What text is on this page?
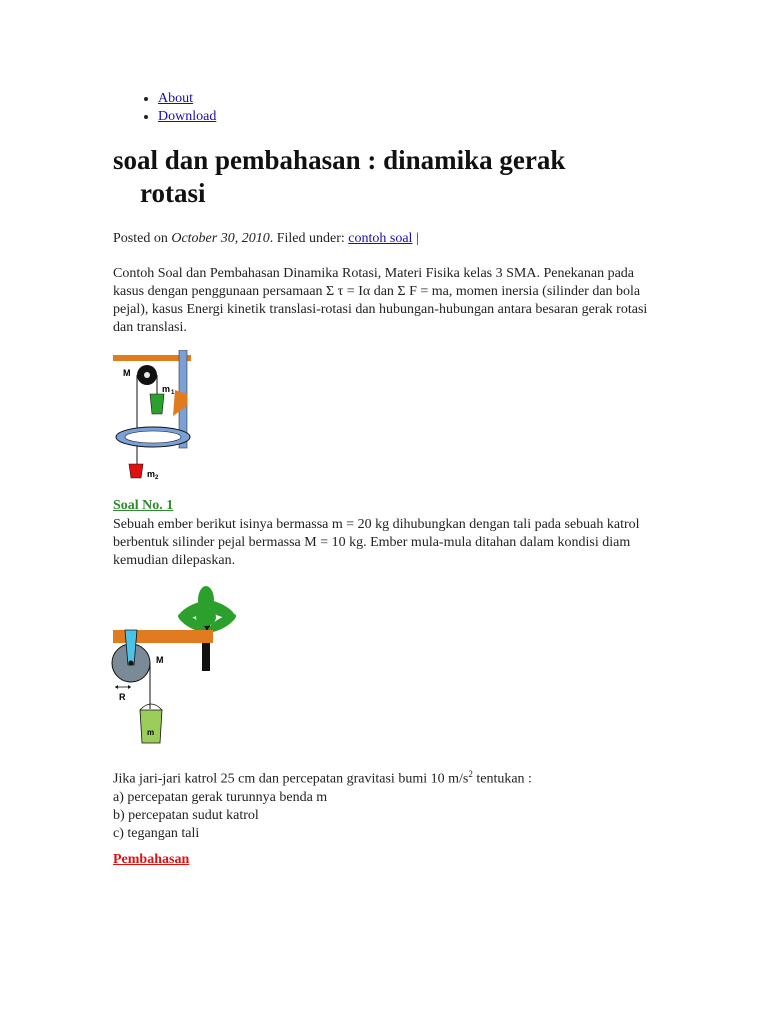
• About
• Download
soal dan pembahasan : dinamika gerak rotasi
Posted on October 30, 2010. Filed under: contoh soal |
Contoh Soal dan Pembahasan Dinamika Rotasi, Materi Fisika kelas 3 SMA. Penekanan pada kasus dengan penggunaan persamaan Σ τ = Iα dan Σ F = ma, momen inersia (silinder dan bola pejal), kasus Energi kinetik translasi-rotasi dan hubungan-hubungan antara besaran gerak rotasi dan translasi.
M
m 1
m 2
Soal No. 1
Sebuah ember berikut isinya bermassa m = 20 kg dihubungkan dengan tali pada sebuah katrol berbentuk silinder pejal bermassa M = 10 kg. Ember mula-mula ditahan dalam kondisi diam kemudian dilepaskan.
M
R
m
Jika jari-jari katrol 25 cm dan percepatan gravitasi bumi 10 $m/s^2$ tentukan :
a) percepatan gerak turunnya benda m
b) percepatan sudut katrol
c) tegangan tali
Pembahasan
